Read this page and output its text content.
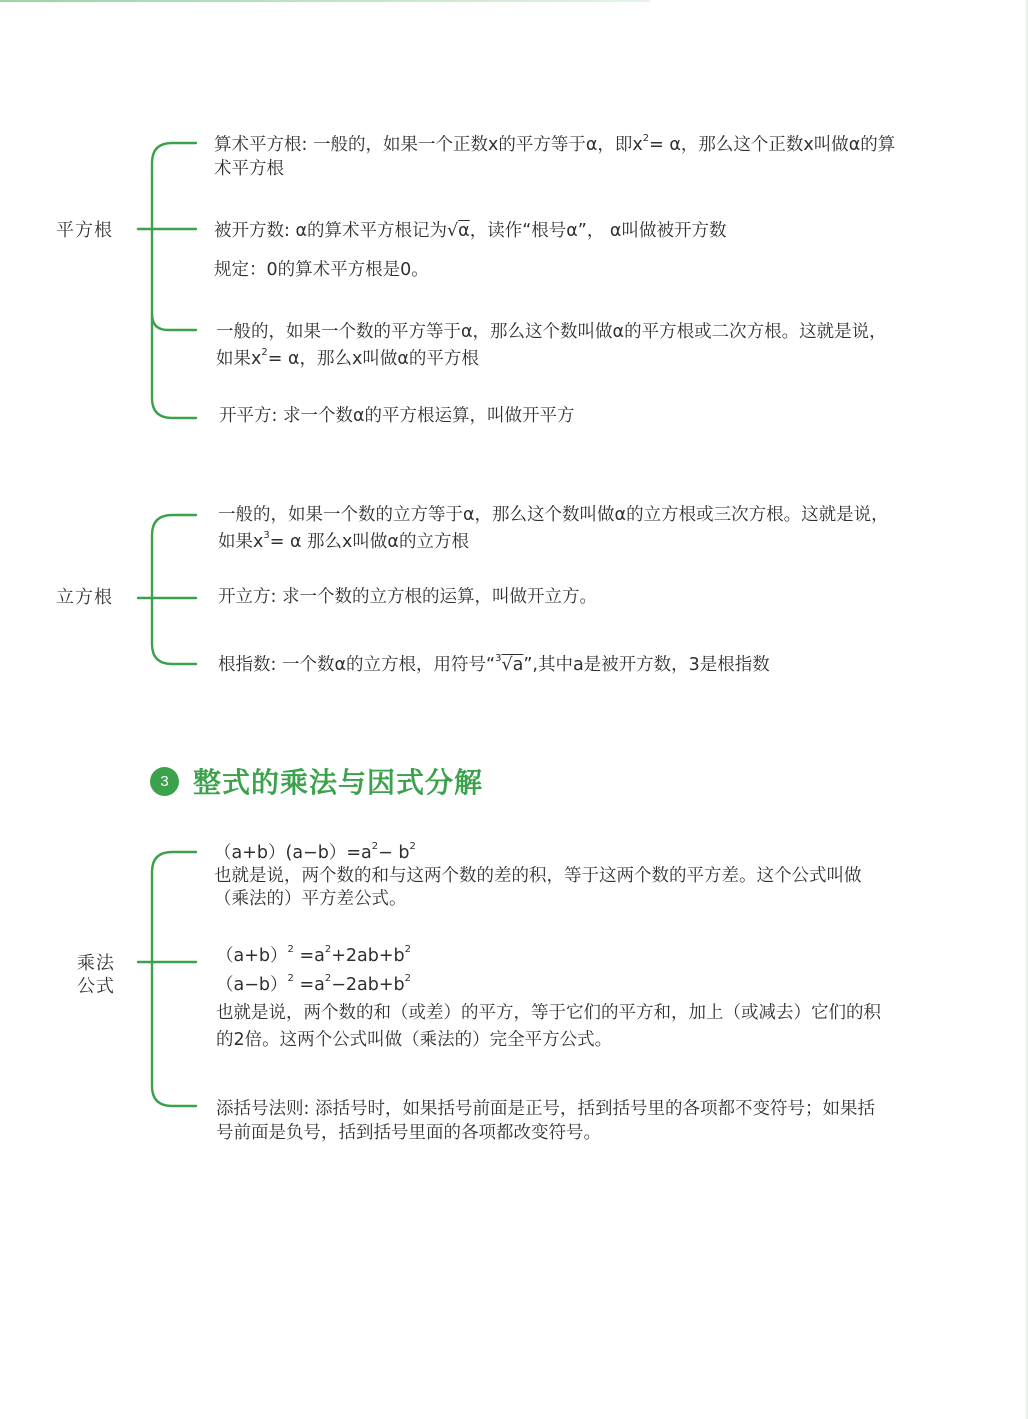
平方根
算术平方根: 一般的，如果一个正数x的平方等于α，即$x^2= \alpha$，那么这个正数x叫做α的算
术平方根
被开方数: α的算术平方根记为√α，读作“根号α”， α叫做被开方数
规定：0的算术平方根是0。
一般的，如果一个数的平方等于α，那么这个数叫做α的平方根或二次方根。这就是说，
如果$x^2= \alpha$，那么x叫做α的平方根
开平方: 求一个数α的平方根运算，叫做开平方
立方根
一般的，如果一个数的立方等于α，那么这个数叫做α的立方根或三次方根。这就是说，
如果$x^3= \alpha$ 那么x叫做α的立方根
开立方: 求一个数的立方根的运算，叫做开立方。
根指数: 一个数α的立方根，用符号“$^3$√a”,其中a是被开方数，3是根指数
3 整式的乘法与因式分解
乘法
公式
$(a+b)(a-b)=a^2- b^2$
也就是说，两个数的和与这两个数的差的积，等于这两个数的平方差。这个公式叫做
（乘法的）平方差公式。
$(a+b)^2 =a^2+2ab+b^2$
$(a-b)^2 =a^2-2ab+b^2$
也就是说，两个数的和（或差）的平方，等于它们的平方和，加上（或减去）它们的积
的2倍。这两个公式叫做（乘法的）完全平方公式。
添括号法则: 添括号时，如果括号前面是正号，括到括号里的各项都不变符号；如果括
号前面是负号，括到括号里面的各项都改变符号。
